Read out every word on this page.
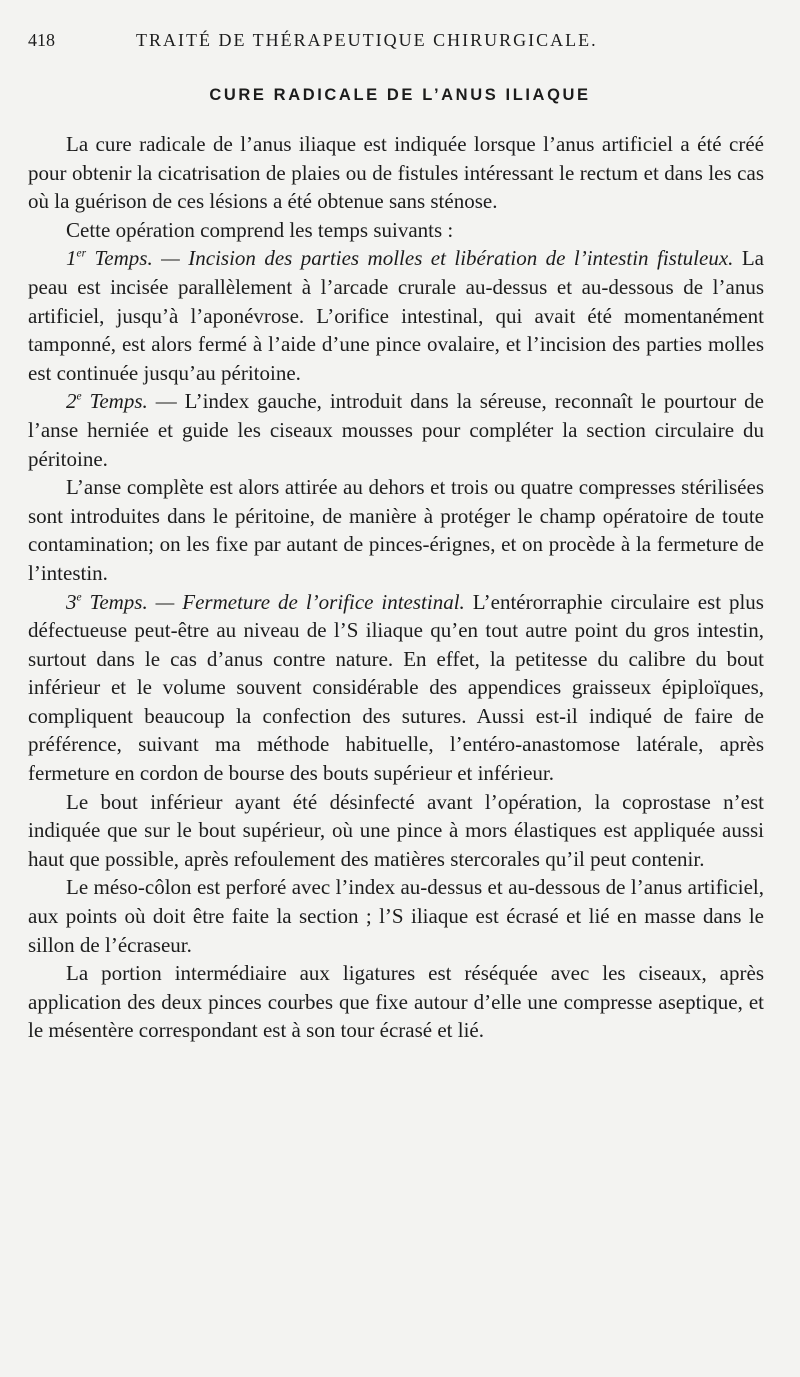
418	TRAITÉ DE THÉRAPEUTIQUE CHIRURGICALE.
CURE RADICALE DE L’ANUS ILIAQUE

La cure radicale de l’anus iliaque est indiquée lorsque l’anus artificiel a été créé pour obtenir la cicatrisation de plaies ou de fistules intéressant le rectum et dans les cas où la guérison de ces lésions a été obtenue sans sténose.

Cette opération comprend les temps suivants :

1er Temps. — Incision des parties molles et libération de l’intestin fistuleux. La peau est incisée parallèlement à l’arcade crurale au-dessus et au-dessous de l’anus artificiel, jusqu’à l’aponévrose. L’orifice intestinal, qui avait été momentanément tamponné, est alors fermé à l’aide d’une pince ovalaire, et l’incision des parties molles est continuée jusqu’au péritoine.

2e Temps. — L’index gauche, introduit dans la séreuse, reconnaît le pourtour de l’anse herniée et guide les ciseaux mousses pour compléter la section circulaire du péritoine.

L’anse complète est alors attirée au dehors et trois ou quatre compresses stérilisées sont introduites dans le péritoine, de manière à protéger le champ opératoire de toute contamination; on les fixe par autant de pinces-érignes, et on procède à la fermeture de l’intestin.

3e Temps. — Fermeture de l’orifice intestinal. L’entérorraphie circulaire est plus défectueuse peut-être au niveau de l’S iliaque qu’en tout autre point du gros intestin, surtout dans le cas d’anus contre nature. En effet, la petitesse du calibre du bout inférieur et le volume souvent considérable des appendices graisseux épiploïques, compliquent beaucoup la confection des sutures. Aussi est-il indiqué de faire de préférence, suivant ma méthode habituelle, l’entéro-anastomose latérale, après fermeture en cordon de bourse des bouts supérieur et inférieur.

Le bout inférieur ayant été désinfecté avant l’opération, la coprostase n’est indiquée que sur le bout supérieur, où une pince à mors élastiques est appliquée aussi haut que possible, après refoulement des matières stercorales qu’il peut contenir.

Le méso-côlon est perforé avec l’index au-dessus et au-dessous de l’anus artificiel, aux points où doit être faite la section ; l’S iliaque est écrasé et lié en masse dans le sillon de l’écraseur.

La portion intermédiaire aux ligatures est réséquée avec les ciseaux, après application des deux pinces courbes que fixe autour d’elle une compresse aseptique, et le mésentère correspondant est à son tour écrasé et lié.
